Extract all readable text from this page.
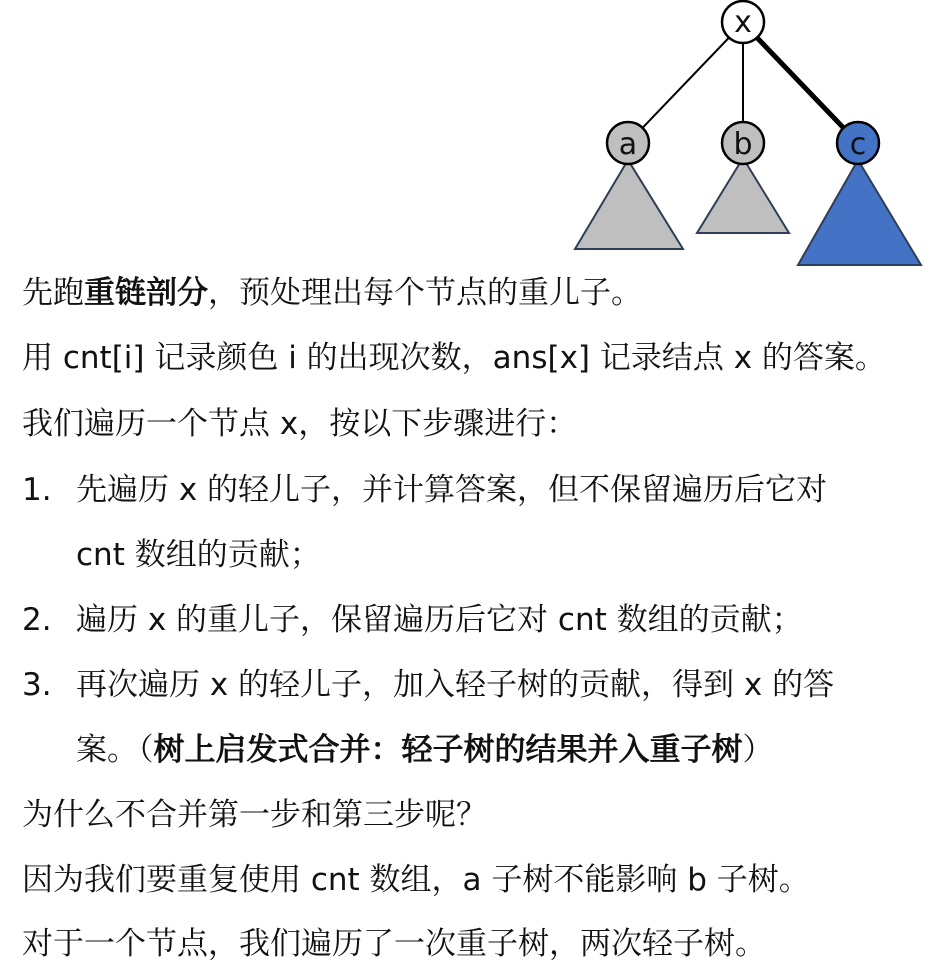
x
a	b	c
先跑重链剖分，预处理出每个节点的重儿子。
用 cnt[i] 记录颜色 i 的出现次数，ans[x] 记录结点 x 的答案。
我们遍历一个节点 x，按以下步骤进行：
1. 先遍历 x 的轻儿子，并计算答案，但不保留遍历后它对
cnt 数组的贡献；
2. 遍历 x 的重儿子，保留遍历后它对 cnt 数组的贡献；
3. 再次遍历 x 的轻儿子，加入轻子树的贡献，得到 x 的答
案。（树上启发式合并：轻子树的结果并入重子树）
为什么不合并第一步和第三步呢？
因为我们要重复使用 cnt 数组，a 子树不能影响 b 子树。
对于一个节点，我们遍历了一次重子树，两次轻子树。
